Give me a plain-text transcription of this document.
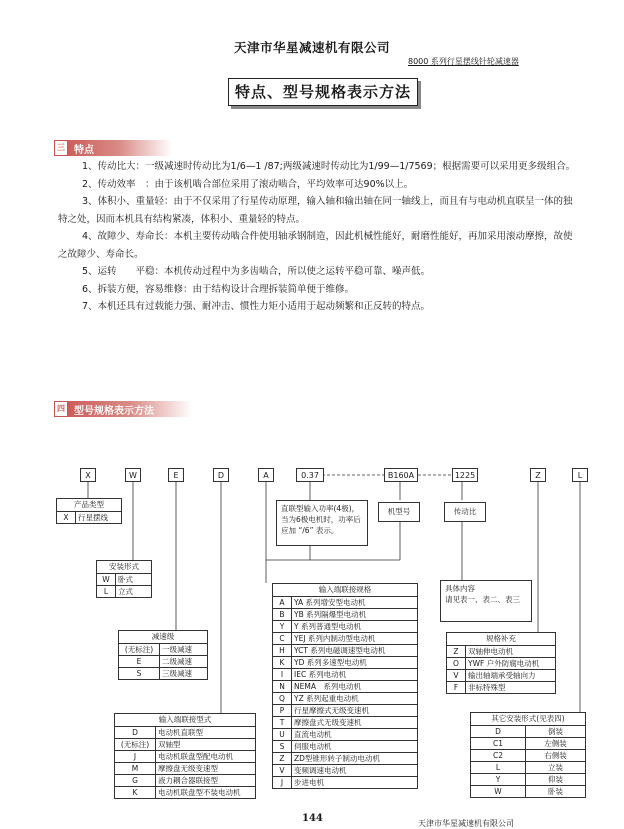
天津市华星减速机有限公司
8000 系列行星摆线针轮减速器
特点、型号规格表示方法
三 特点

1、传动比大：一级减速时传动比为1/6—1 /87;两级减速时传动比为1/99—1/7569；根据需要可以采用更多级组合。

2、传动效率　：由于该机啮合部位采用了滚动啮合，平均效率可达90%以上。

3、体积小、重量轻：由于不仅采用了行星传动原理，输入轴和输出轴在同一轴线上，而且有与电动机直联呈一体的独特之处，因而本机具有结构紧凑，体积小、重量轻的特点。

4、故障少、寿命长：本机主要传动啮合件使用轴承钢制造，因此机械性能好，耐磨性能好，再加采用滚动摩擦，故使之故障少、寿命长。

5、运转　　平稳：本机传动过程中为多齿啮合，所以使之运转平稳可靠、噪声低。

6、拆装方便，容易维修：由于结构设计合理拆装简单便于维修。

7、本机还具有过载能力强、耐冲击、惯性力矩小适用于起动频繁和正反转的特点。

四 型号规格表示方法
X	W	E	D	A	0.37	B160A	1225	Z	L
产品类型
X	行星摆线
安装形式
W	卧式
L	立式
减速级
(无标注)	一级减速
E	二级减速
S	三级减速
输入端联接型式
D	电动机直联型
(无标注)	双轴型
J	电动机联盘型配电动机
M	摩擦盘无级变速型
G	液力耦合器联接型
K	电动机联盘型不装电动机
直联型输入功率(4极)，当为6极电机时，功率后应加 “/6” 表示。
机型号	传动比
输入端联接规格
A	YA 系列增安型电动机
B	YB 系列隔爆型电动机
Y	Y 系列普通型电动机
C	YEJ 系列内制动型电动机
H	YCT 系列电磁调速型电动机
K	YD 系列多速型电动机
I	IEC 系列电动机
N	NEMA　系列电动机
Q	YZ 系列起重电动机
P	行星摩擦式无级变速机
T	摩擦盘式无级变速机
U	直流电动机
S	伺服电动机
Z	ZD型锥形转子制动电动机
V	变频调速电动机
J	步进电机
具体内容
请见表一、表二、表三
规格补充
Z	双轴伸电动机
O	YWF 户外防腐电动机
V	输出轴端承受轴向力
F	非标特殊型
其它安装形式(见表四)
D	倒装
C1	左侧装
C2	右侧装
L	立装
Y	仰装
W	卧装
144	天津市华星减速机有限公司
